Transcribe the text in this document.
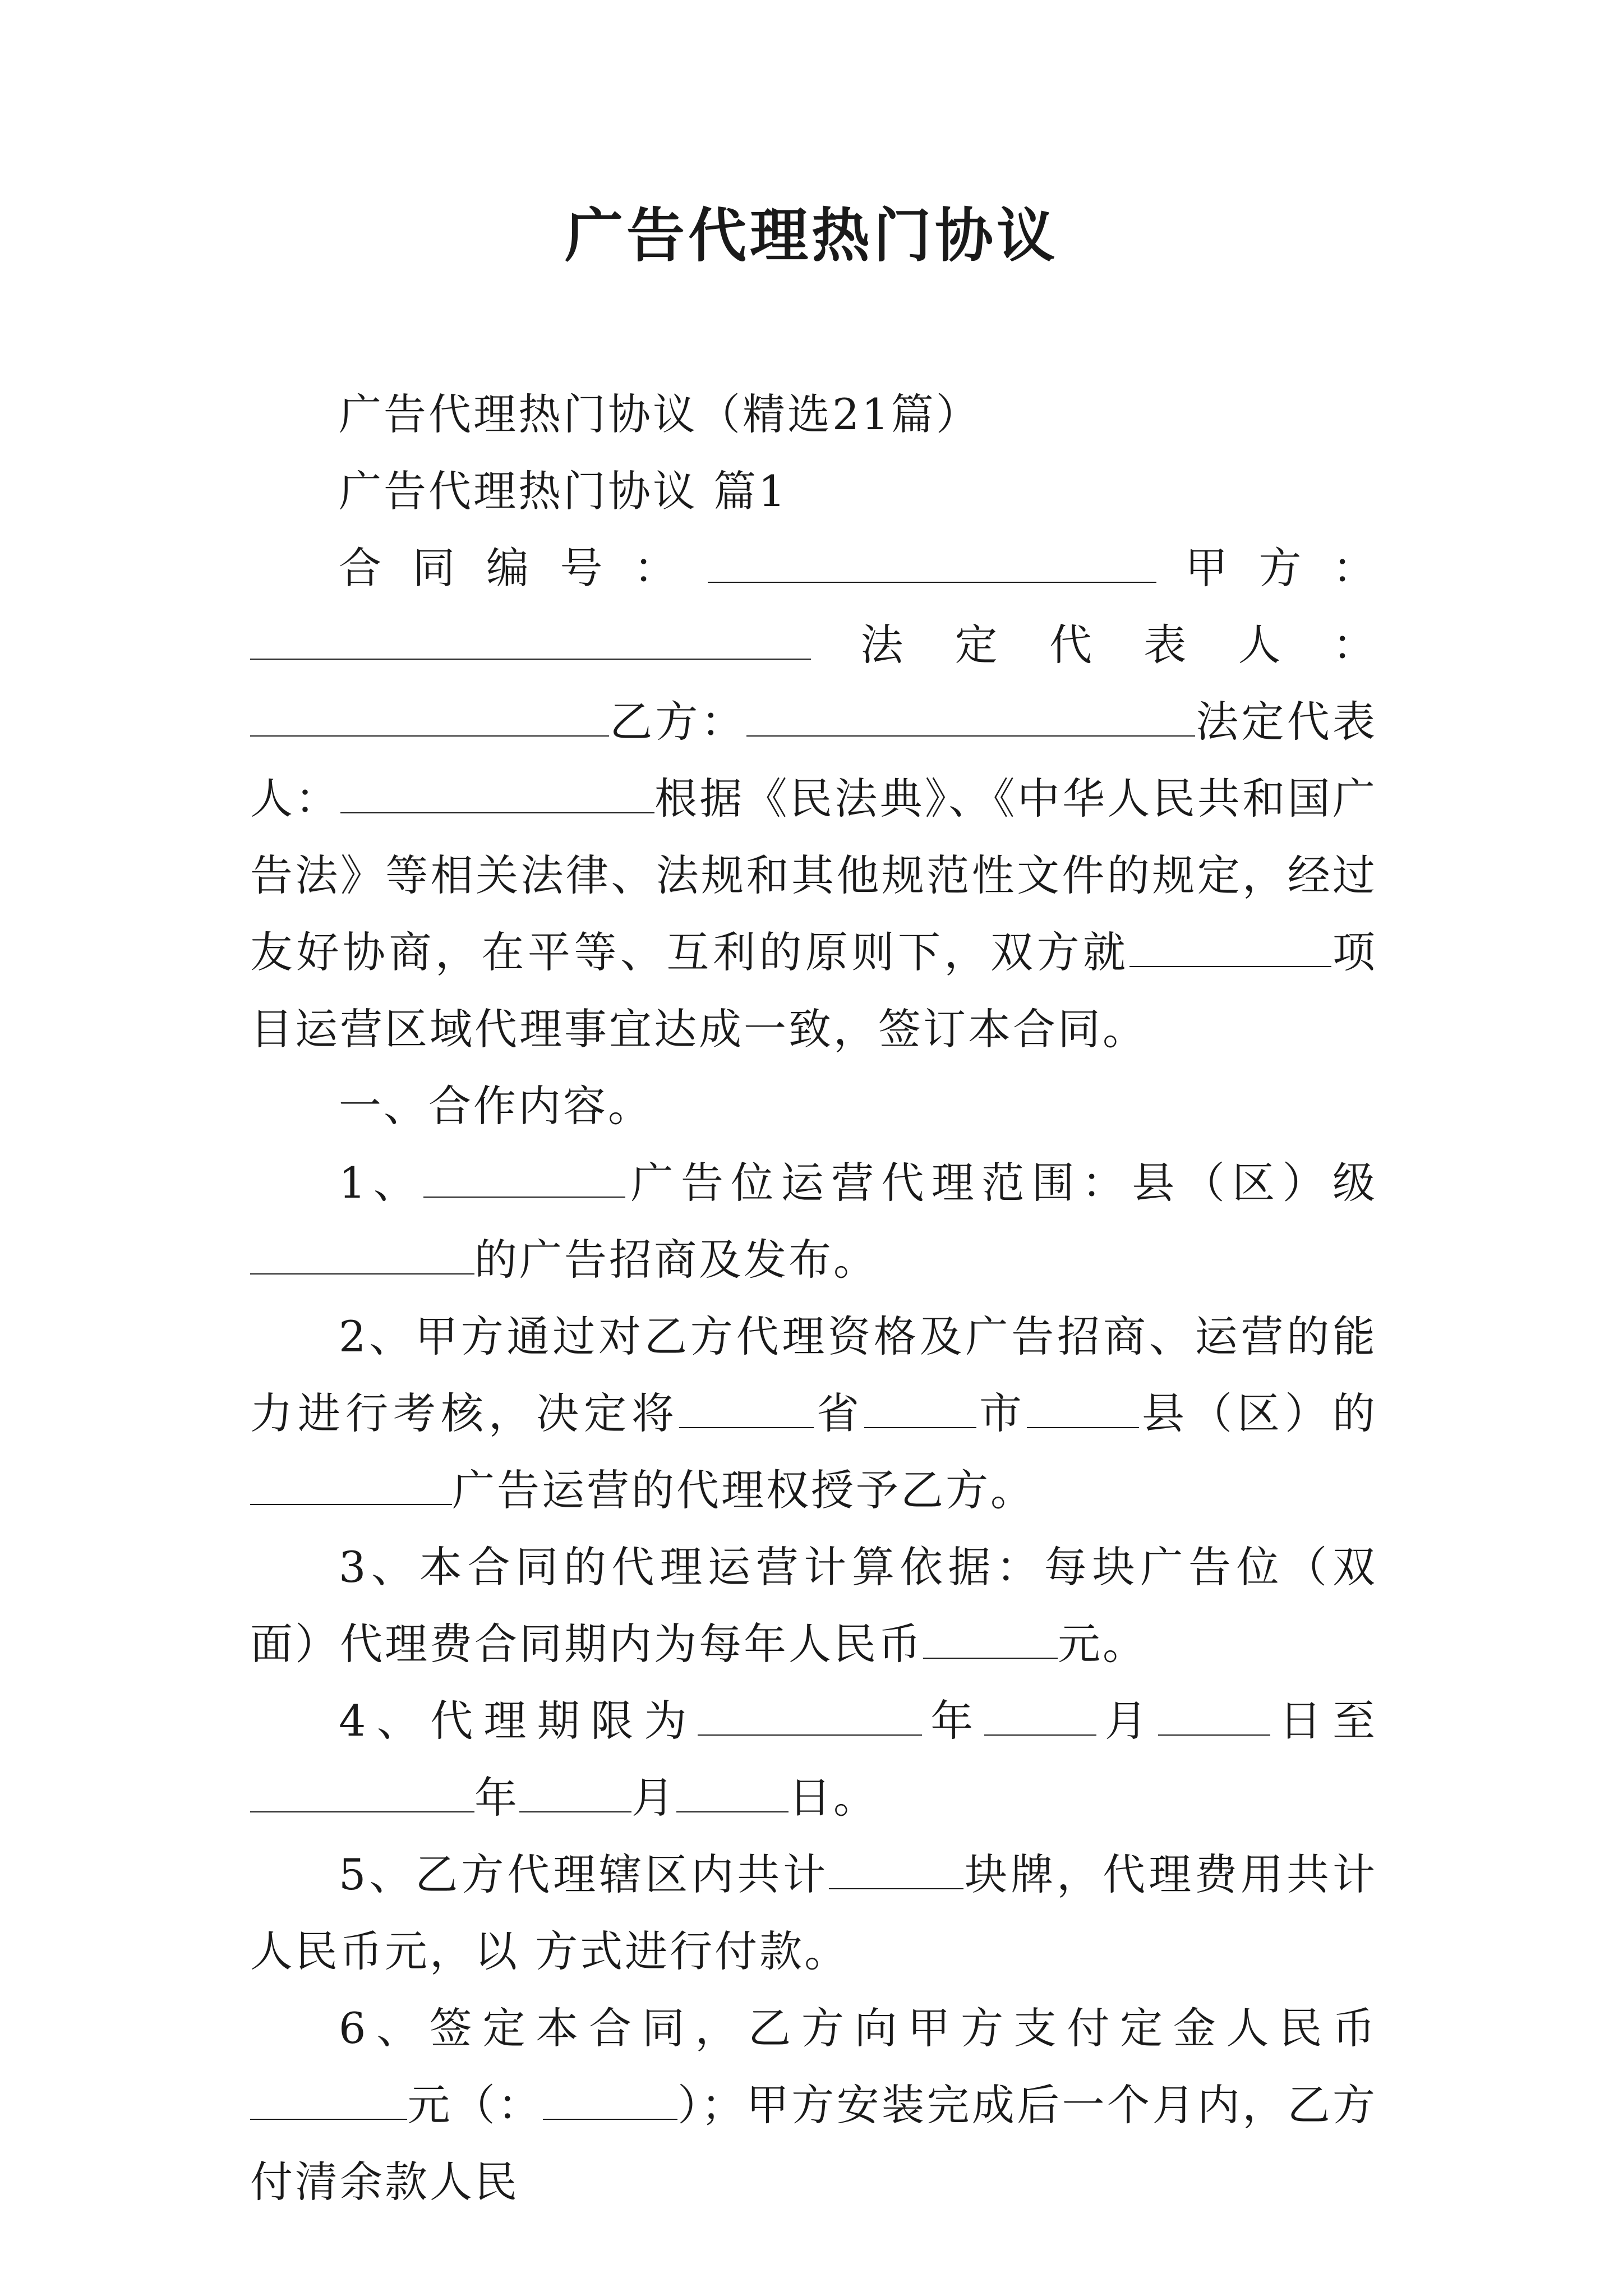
广告代理热门协议

广告代理热门协议（精选21篇）

广告代理热门协议 篇1

合同编号：	甲方：法定代表人：乙方：	法定代表人：	根据《民法典》、《中华人民共和国广告法》等相关法律、法规和其他规范性文件的规定，经过友好协商，在平等、互利的原则下，双方就	项目运营区域代理事宜达成一致，签订本合同。

一、合作内容。

1、	广告位运营代理范围：县（区）级的广告招商及发布。

2、甲方通过对乙方代理资格及广告招商、运营的能力进行考核，决定将	省	市	县（区）的广告运营的代理权授予乙方。

3、本合同的代理运营计算依据：每块广告位（双面）代理费合同期内为每年人民币	元。

4、代理期限为	年	月	日至年	月	日。

5、乙方代理辖区内共计	块牌，代理费用共计人民币元，以 方式进行付款。

6、签定本合同，乙方向甲方支付定金人民币元（：	）；甲方安装完成后一个月内，乙方付清余款人民
